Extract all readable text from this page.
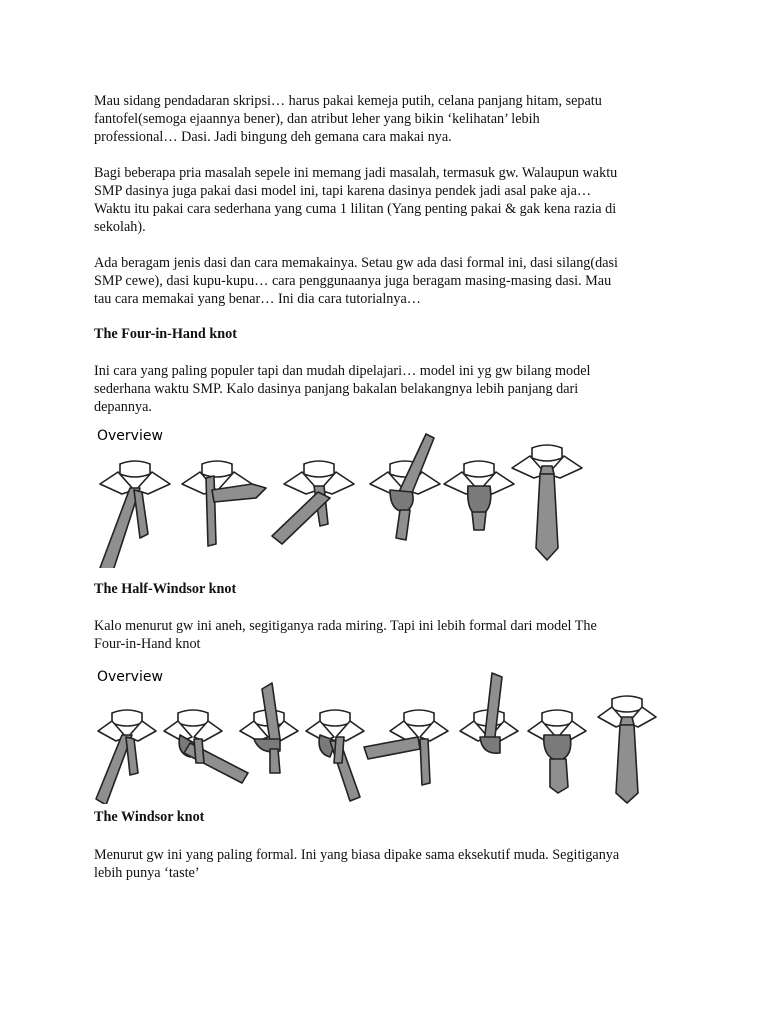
Mau sidang pendadaran skripsi… harus pakai kemeja putih, celana panjang hitam, sepatu
fantofel(semoga ejaannya bener), dan atribut leher yang bikin ‘kelihatan’ lebih
professional… Dasi. Jadi bingung deh gemana cara makai nya.
Bagi beberapa pria masalah sepele ini memang jadi masalah, termasuk gw. Walaupun waktu
SMP dasinya juga pakai dasi model ini, tapi karena dasinya pendek jadi asal pake aja…
Waktu itu pakai cara sederhana yang cuma 1 lilitan (Yang penting pakai & gak kena razia di
sekolah).
Ada beragam jenis dasi dan cara memakainya. Setau gw ada dasi formal ini, dasi silang(dasi
SMP cewe), dasi kupu-kupu… cara penggunaanya juga beragam masing-masing dasi. Mau
tau cara memakai yang benar… Ini dia cara tutorialnya…
The Four-in-Hand knot
Ini cara yang paling populer tapi dan mudah dipelajari… model ini yg gw bilang model
sederhana waktu SMP. Kalo dasinya panjang bakalan belakangnya lebih panjang dari
depannya.
Overview
The Half-Windsor knot
Kalo menurut gw ini aneh, segitiganya rada miring. Tapi ini lebih formal dari model The
Four-in-Hand knot
Overview
The Windsor knot
Menurut gw ini yang paling formal. Ini yang biasa dipake sama eksekutif muda. Segitiganya
lebih punya ‘taste’
